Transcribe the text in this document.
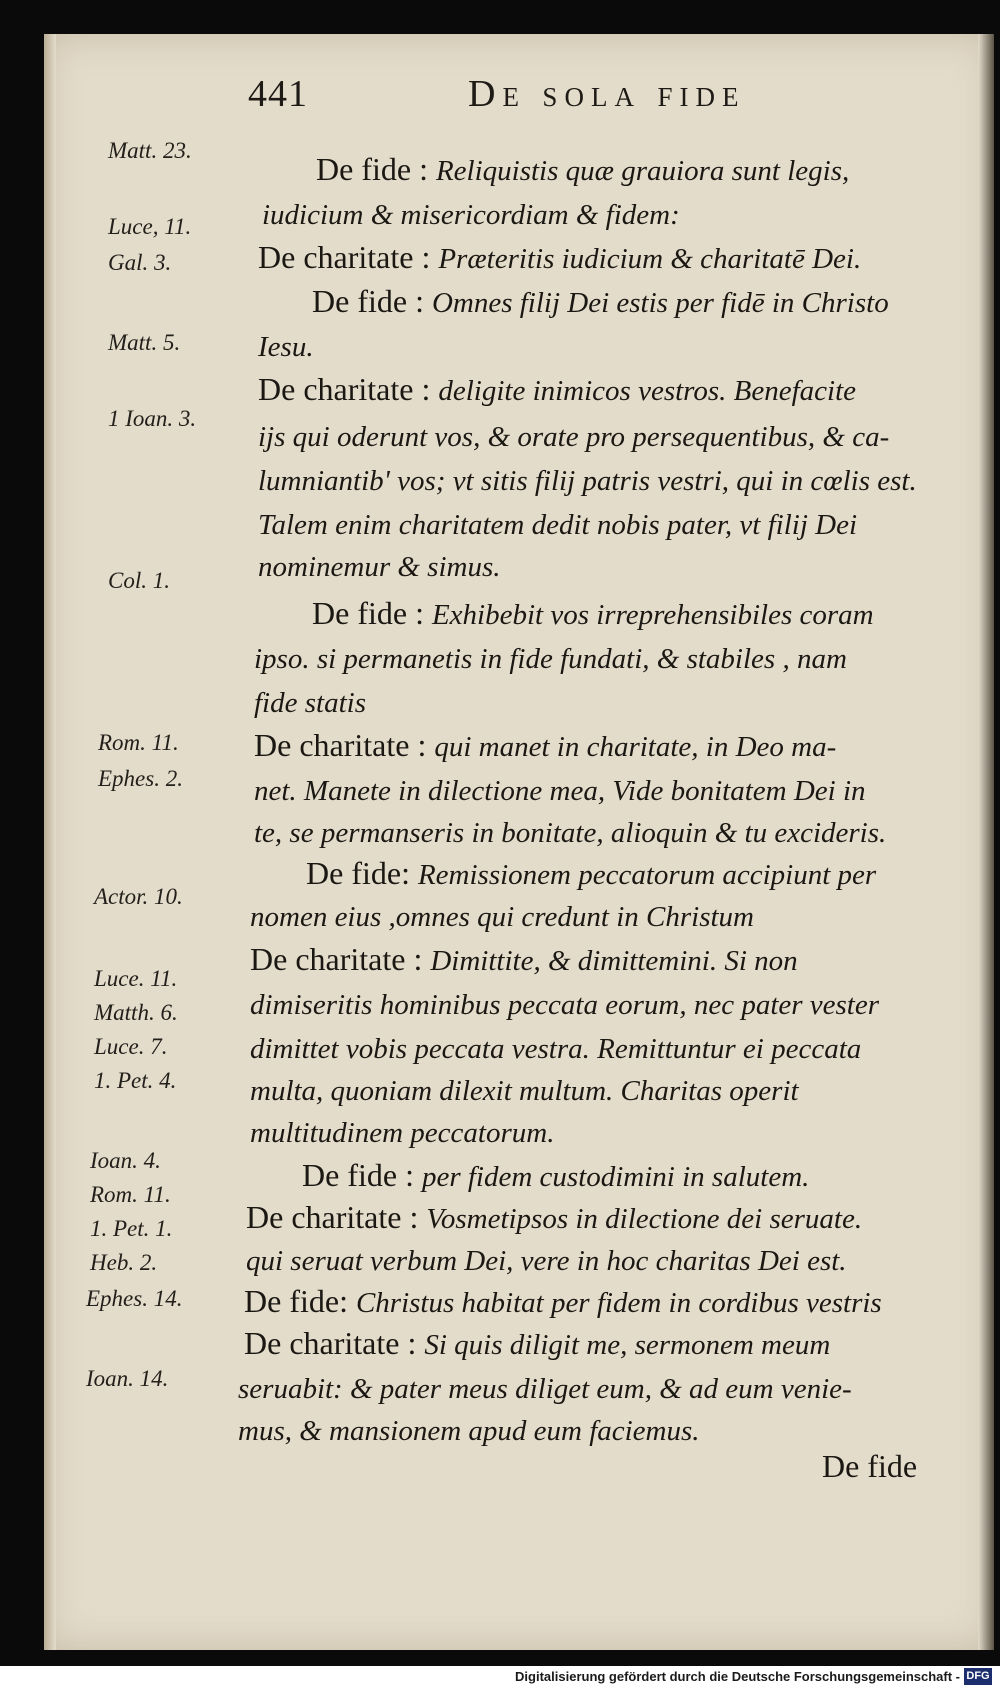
441	De sola fide
Matt. 23.
Luce, 11.
Gal. 3.
Matt. 5.
1 Ioan. 3.
Col. 1.
Rom. 11.
Ephes. 2.
Actor. 10.
Luce. 11.
Matth. 6.
Luce. 7.
1. Pet. 4.
Ioan. 4.
Rom. 11.
1. Pet. 1.
Heb. 2.
Ephes. 14.
Ioan. 14.
De fide : Reliquistis quæ grauiora sunt legis,
iudicium & misericordiam & fidem:
De charitate : Præteritis iudicium & charitatē Dei.
De fide : Omnes filij Dei estis per fidē in Christo
Iesu.
De charitate : deligite inimicos vestros. Benefacite
ijs qui oderunt vos, & orate pro persequentibus, & ca-
lumniantib' vos; vt sitis filij patris vestri, qui in cœlis est.
Talem enim charitatem dedit nobis pater, vt filij Dei
nominemur & simus.
De fide : Exhibebit vos irreprehensibiles coram
ipso. si permanetis in fide fundati, & stabiles , nam
fide statis
De charitate : qui manet in charitate, in Deo ma-
net. Manete in dilectione mea, Vide bonitatem Dei in
te, se permanseris in bonitate, alioquin & tu excideris.
De fide: Remissionem peccatorum accipiunt per
nomen eius ,omnes qui credunt in Christum
De charitate : Dimittite, & dimittemini. Si non
dimiseritis hominibus peccata eorum, nec pater vester
dimittet vobis peccata vestra. Remittuntur ei peccata
multa, quoniam dilexit multum. Charitas operit
multitudinem peccatorum.
De fide : per fidem custodimini in salutem.
De charitate : Vosmetipsos in dilectione dei seruate.
qui seruat verbum Dei, vere in hoc charitas Dei est.
De fide: Christus habitat per fidem in cordibus vestris
De charitate : Si quis diligit me, sermonem meum
seruabit: & pater meus diliget eum, & ad eum venie-
mus, & mansionem apud eum faciemus.
De fide
Digitalisierung gefördert durch die Deutsche Forschungsgemeinschaft - DFG
